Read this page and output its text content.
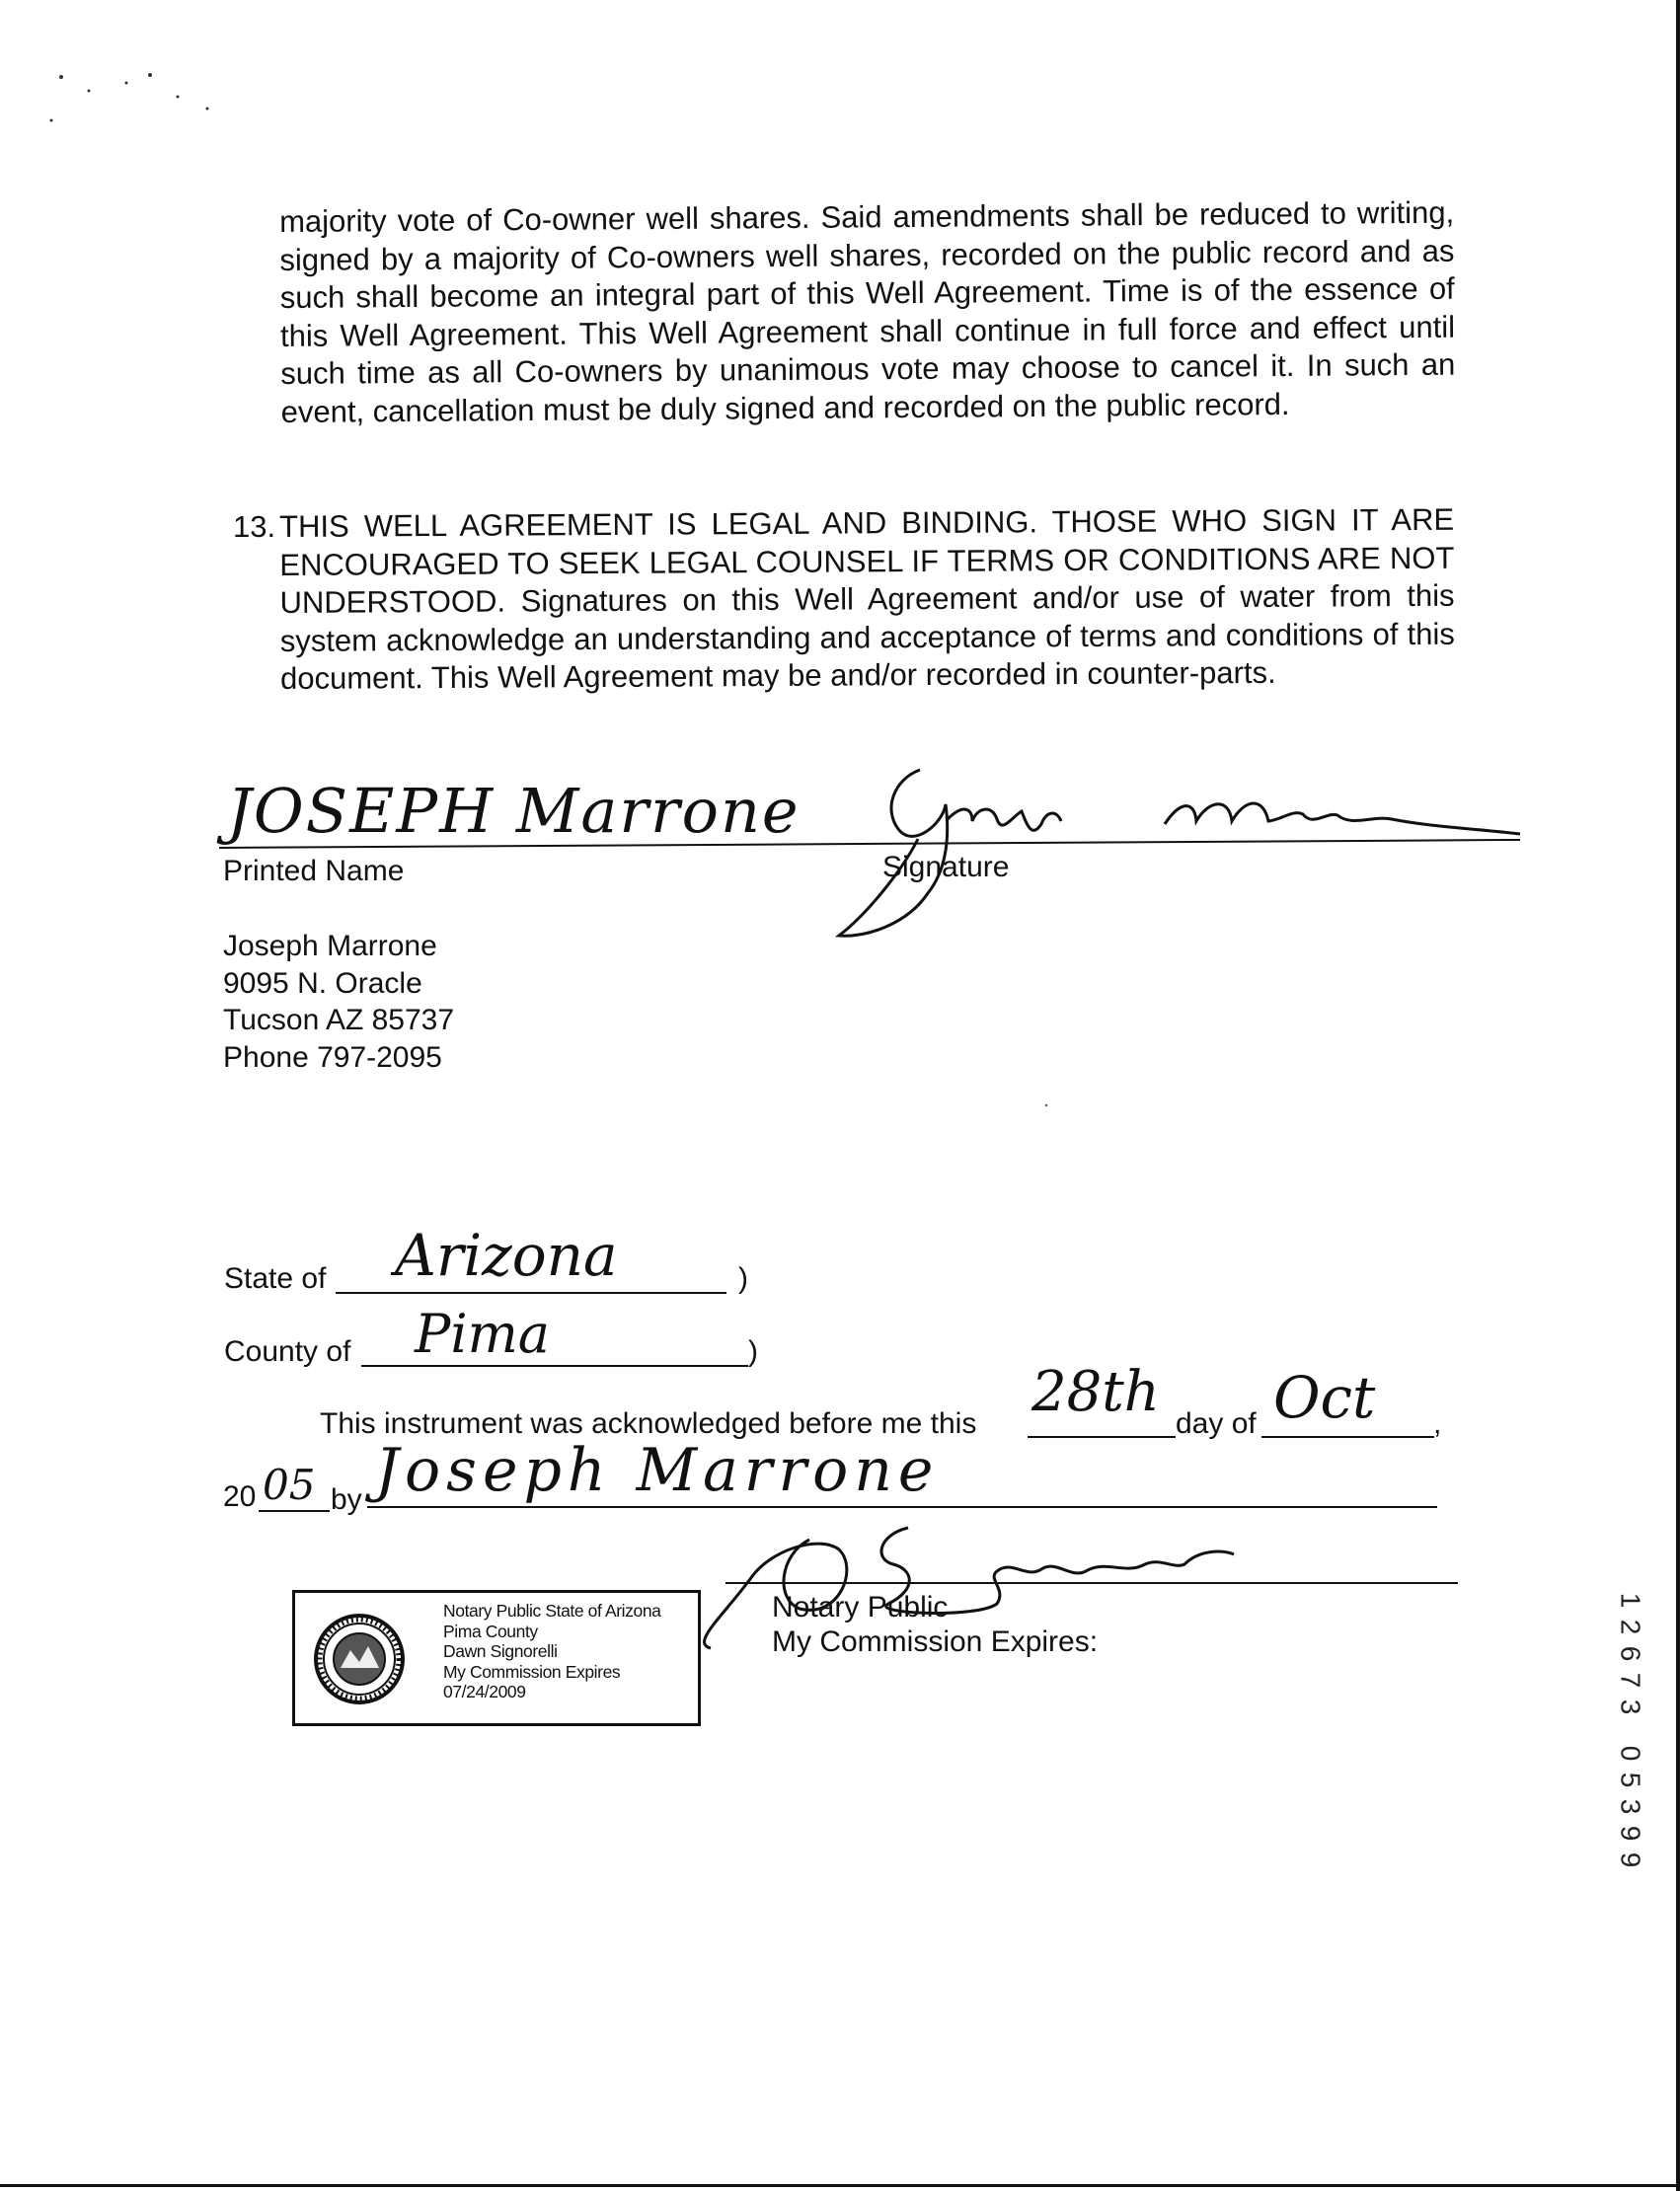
majority vote of Co-owner well shares. Said amendments shall be reduced to writing, signed by a majority of Co-owners well shares, recorded on the public record and as such shall become an integral part of this Well Agreement. Time is of the essence of this Well Agreement. This Well Agreement shall continue in full force and effect until such time as all Co-owners by unanimous vote may choose to cancel it. In such an event, cancellation must be duly signed and recorded on the public record.
13. THIS WELL AGREEMENT IS LEGAL AND BINDING. THOSE WHO SIGN IT ARE ENCOURAGED TO SEEK LEGAL COUNSEL IF TERMS OR CONDITIONS ARE NOT UNDERSTOOD. Signatures on this Well Agreement and/or use of water from this system acknowledge an understanding and acceptance of terms and conditions of this document. This Well Agreement may be and/or recorded in counter-parts.
JOSEPH Marrone
Printed Name	Signature
Joseph Marrone
9095 N. Oracle
Tucson AZ 85737
Phone 797-2095
State of Arizona	)
County of Pima	)
This instrument was acknowledged before me this 28th day of Oct ,
20 05 by Joseph Marrone
Notary Public
My Commission Expires:
Notary Public State of Arizona
Pima County
Dawn Signorelli
My Commission Expires
07/24/2009
1
2
6
7
3
0
5
3
9
9
